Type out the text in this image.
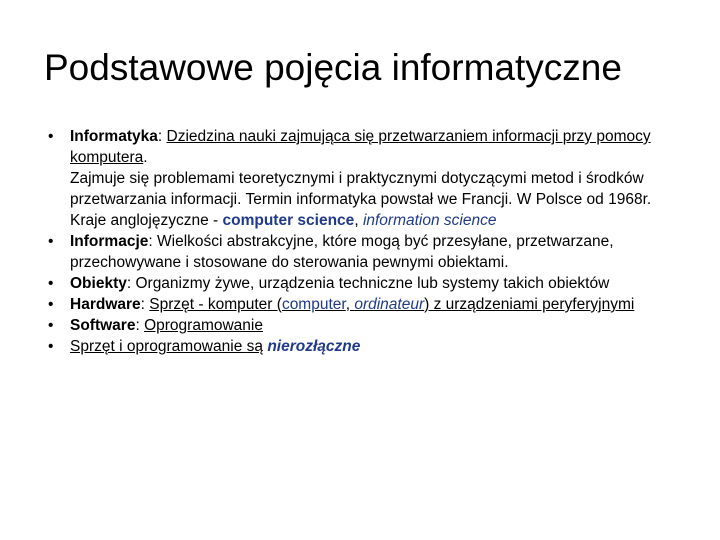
Podstawowe pojęcia informatyczne
• Informatyka: Dziedzina nauki zajmująca się przetwarzaniem informacji przy pomocy komputera.
Zajmuje się problemami teoretycznymi i praktycznymi dotyczącymi metod i środków przetwarzania informacji. Termin informatyka powstał we Francji. W Polsce od 1968r.
Kraje anglojęzyczne - computer science, information science
• Informacje: Wielkości abstrakcyjne, które mogą być przesyłane, przetwarzane, przechowywane i stosowane do sterowania pewnymi obiektami.
• Obiekty: Organizmy żywe, urządzenia techniczne lub systemy takich obiektów
• Hardware: Sprzęt - komputer (computer, ordinateur) z urządzeniami peryferyjnymi
• Software: Oprogramowanie
• Sprzęt i oprogramowanie są nierozłączne
